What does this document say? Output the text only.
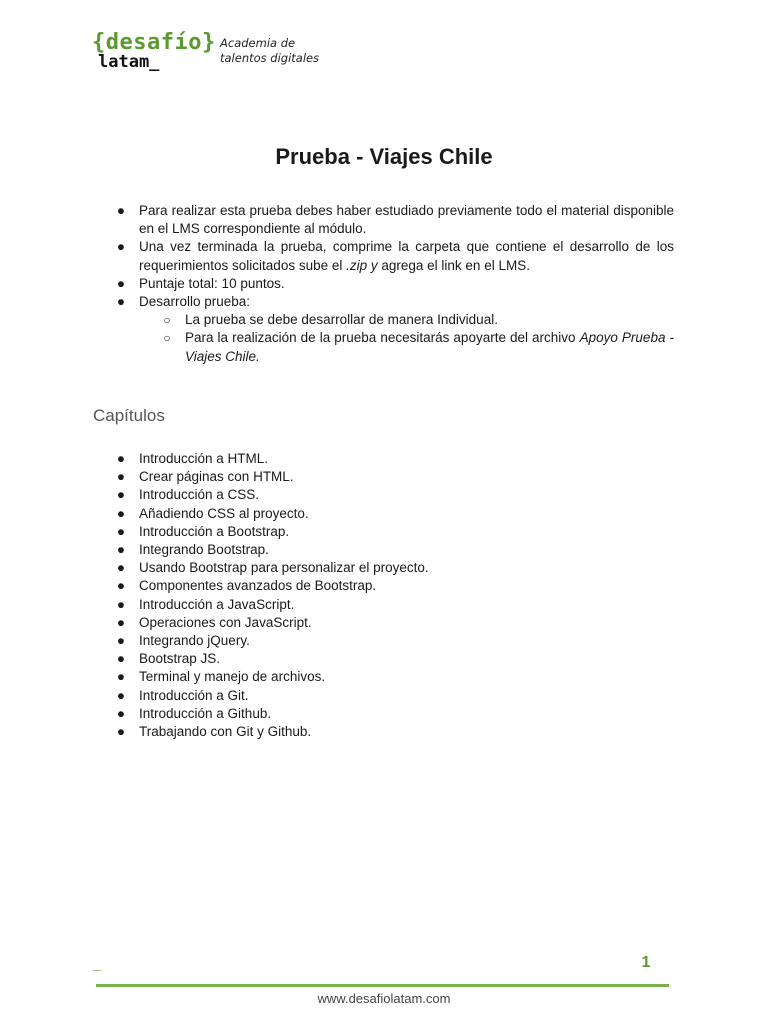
{desafío}
latam_
Academia de
talentos digitales
Prueba - Viajes Chile
● Para realizar esta prueba debes haber estudiado previamente todo el material disponible en el LMS correspondiente al módulo.
● Una vez terminada la prueba, comprime la carpeta que contiene el desarrollo de los requerimientos solicitados sube el .zip y agrega el link en el LMS.
● Puntaje total: 10 puntos.
● Desarrollo prueba:
○ La prueba se debe desarrollar de manera Individual.
○ Para la realización de la prueba necesitarás apoyarte del archivo Apoyo Prueba - Viajes Chile.
Capítulos
● Introducción a HTML.
● Crear páginas con HTML.
● Introducción a CSS.
● Añadiendo CSS al proyecto.
● Introducción a Bootstrap.
● Integrando Bootstrap.
● Usando Bootstrap para personalizar el proyecto.
● Componentes avanzados de Bootstrap.
● Introducción a JavaScript.
● Operaciones con JavaScript.
● Integrando jQuery.
● Bootstrap JS.
● Terminal y manejo de archivos.
● Introducción a Git.
● Introducción a Github.
● Trabajando con Git y Github.
_	1
www.desafiolatam.com
